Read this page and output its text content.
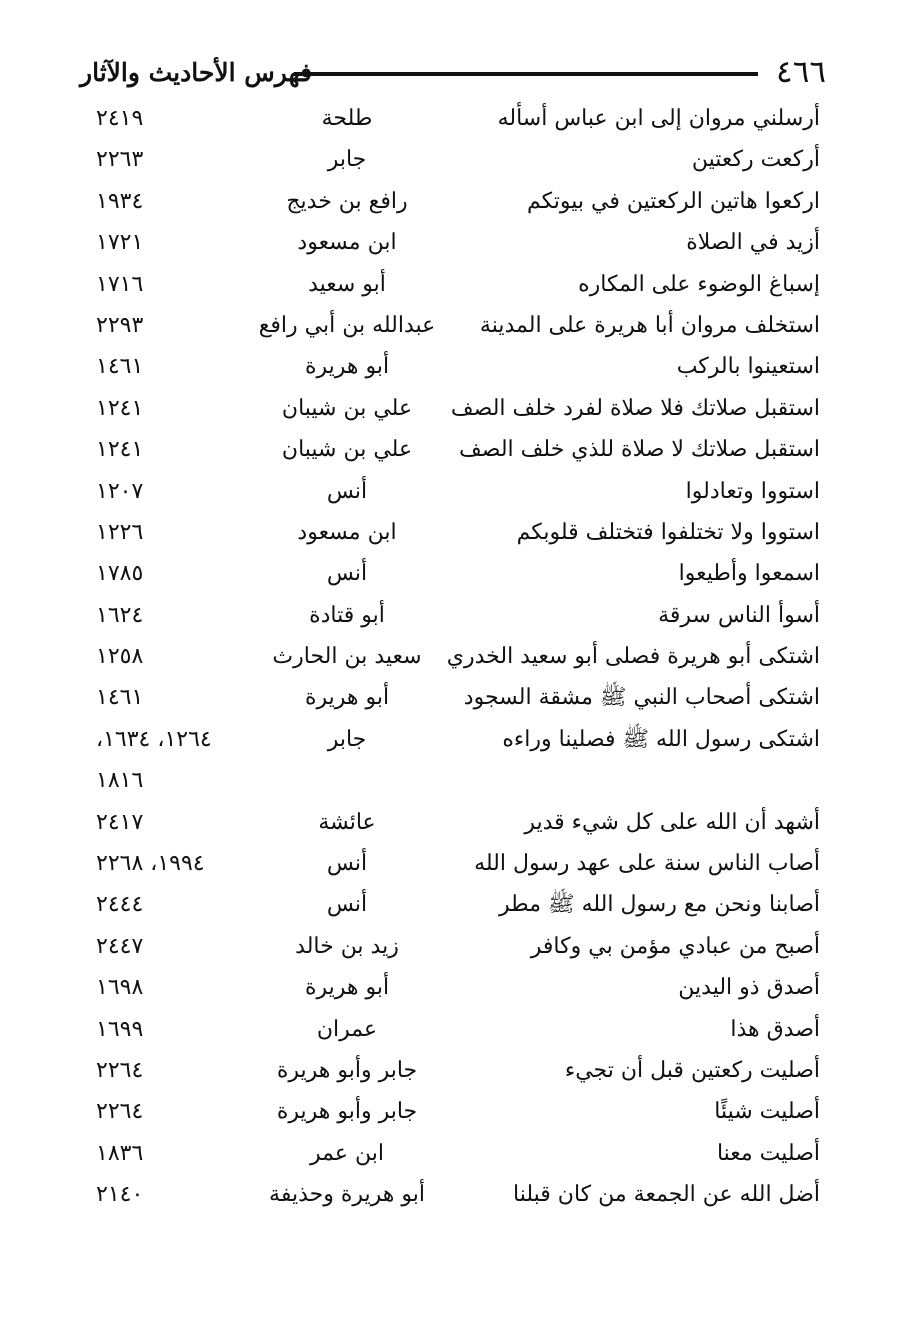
٤٦٦
فهرس الأحاديث والآثار
أرسلني مروان إلى ابن عباس أسأله
طلحة
٢٤١٩
أركعت ركعتين
جابر
٢٢٦٣
اركعوا هاتين الركعتين في بيوتكم
رافع بن خديج
١٩٣٤
أزيد في الصلاة
ابن مسعود
١٧٢١
إسباغ الوضوء على المكاره
أبو سعيد
١٧١٦
استخلف مروان أبا هريرة على المدينة
عبدالله بن أبي رافع
٢٢٩٣
استعينوا بالركب
أبو هريرة
١٤٦١
استقبل صلاتك فلا صلاة لفرد خلف الصف
علي بن شيبان
١٢٤١
استقبل صلاتك لا صلاة للذي خلف الصف
علي بن شيبان
١٢٤١
استووا وتعادلوا
أنس
١٢٠٧
استووا ولا تختلفوا فتختلف قلوبكم
ابن مسعود
١٢٢٦
اسمعوا وأطيعوا
أنس
١٧٨٥
أسوأ الناس سرقة
أبو قتادة
١٦٢٤
اشتكى أبو هريرة فصلى أبو سعيد الخدري
سعيد بن الحارث
١٢٥٨
اشتكى أصحاب النبي ﷺ مشقة السجود
أبو هريرة
١٤٦١
اشتكى رسول الله ﷺ فصلينا وراءه
جابر
١٢٦٤، ١٦٣٤،
١٨١٦
أشهد أن الله على كل شيء قدير
عائشة
٢٤١٧
أصاب الناس سنة على عهد رسول الله
أنس
١٩٩٤، ٢٢٦٨
أصابنا ونحن مع رسول الله ﷺ مطر
أنس
٢٤٤٤
أصبح من عبادي مؤمن بي وكافر
زيد بن خالد
٢٤٤٧
أصدق ذو اليدين
أبو هريرة
١٦٩٨
أصدق هذا
عمران
١٦٩٩
أصليت ركعتين قبل أن تجيء
جابر وأبو هريرة
٢٢٦٤
أصليت شيئًا
جابر وأبو هريرة
٢٢٦٤
أصليت معنا
ابن عمر
١٨٣٦
أضل الله عن الجمعة من كان قبلنا
أبو هريرة وحذيفة
٢١٤٠
